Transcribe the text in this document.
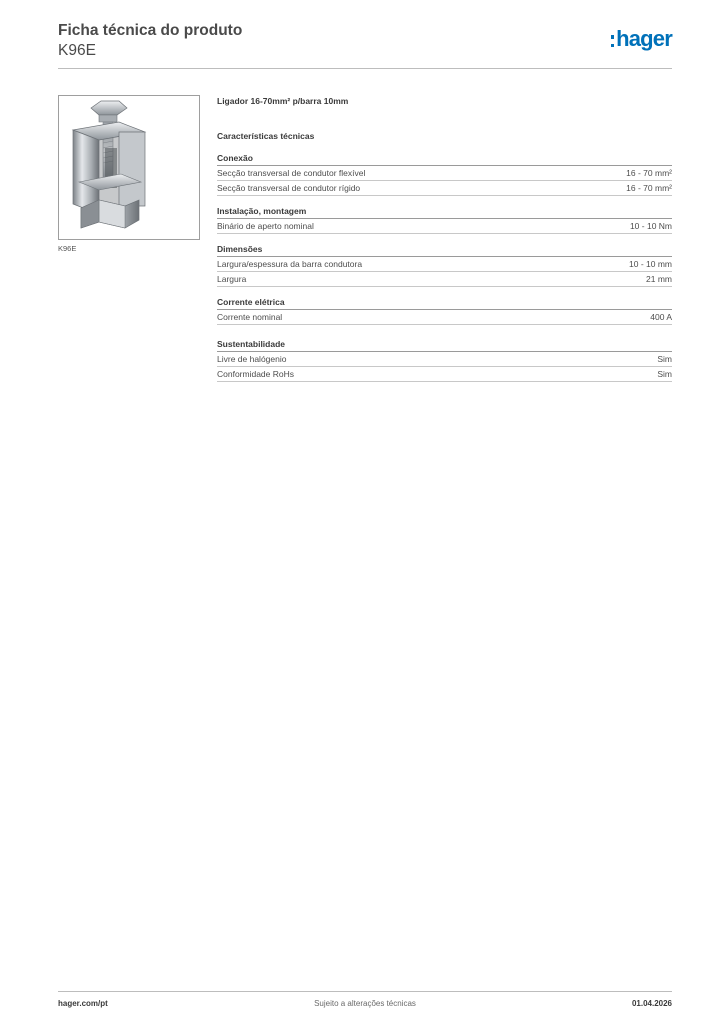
Ficha técnica do produto
K96E	hager
K96E
Ligador 16-70mm² p/barra 10mm
Características técnicas
Conexão
Secção transversal de condutor flexível	16 - 70 mm²
Secção transversal de condutor rígido	16 - 70 mm²
Instalação, montagem
Binário de aperto nominal	10 - 10 Nm
Dimensões
Largura/espessura da barra condutora	10 - 10 mm
Largura	21 mm
Corrente elétrica
Corrente nominal	400 A
Sustentabilidade
Livre de halógenio	Sim
Conformidade RoHs	Sim
hager.com/pt	Sujeito a alterações técnicas	01.04.2026
